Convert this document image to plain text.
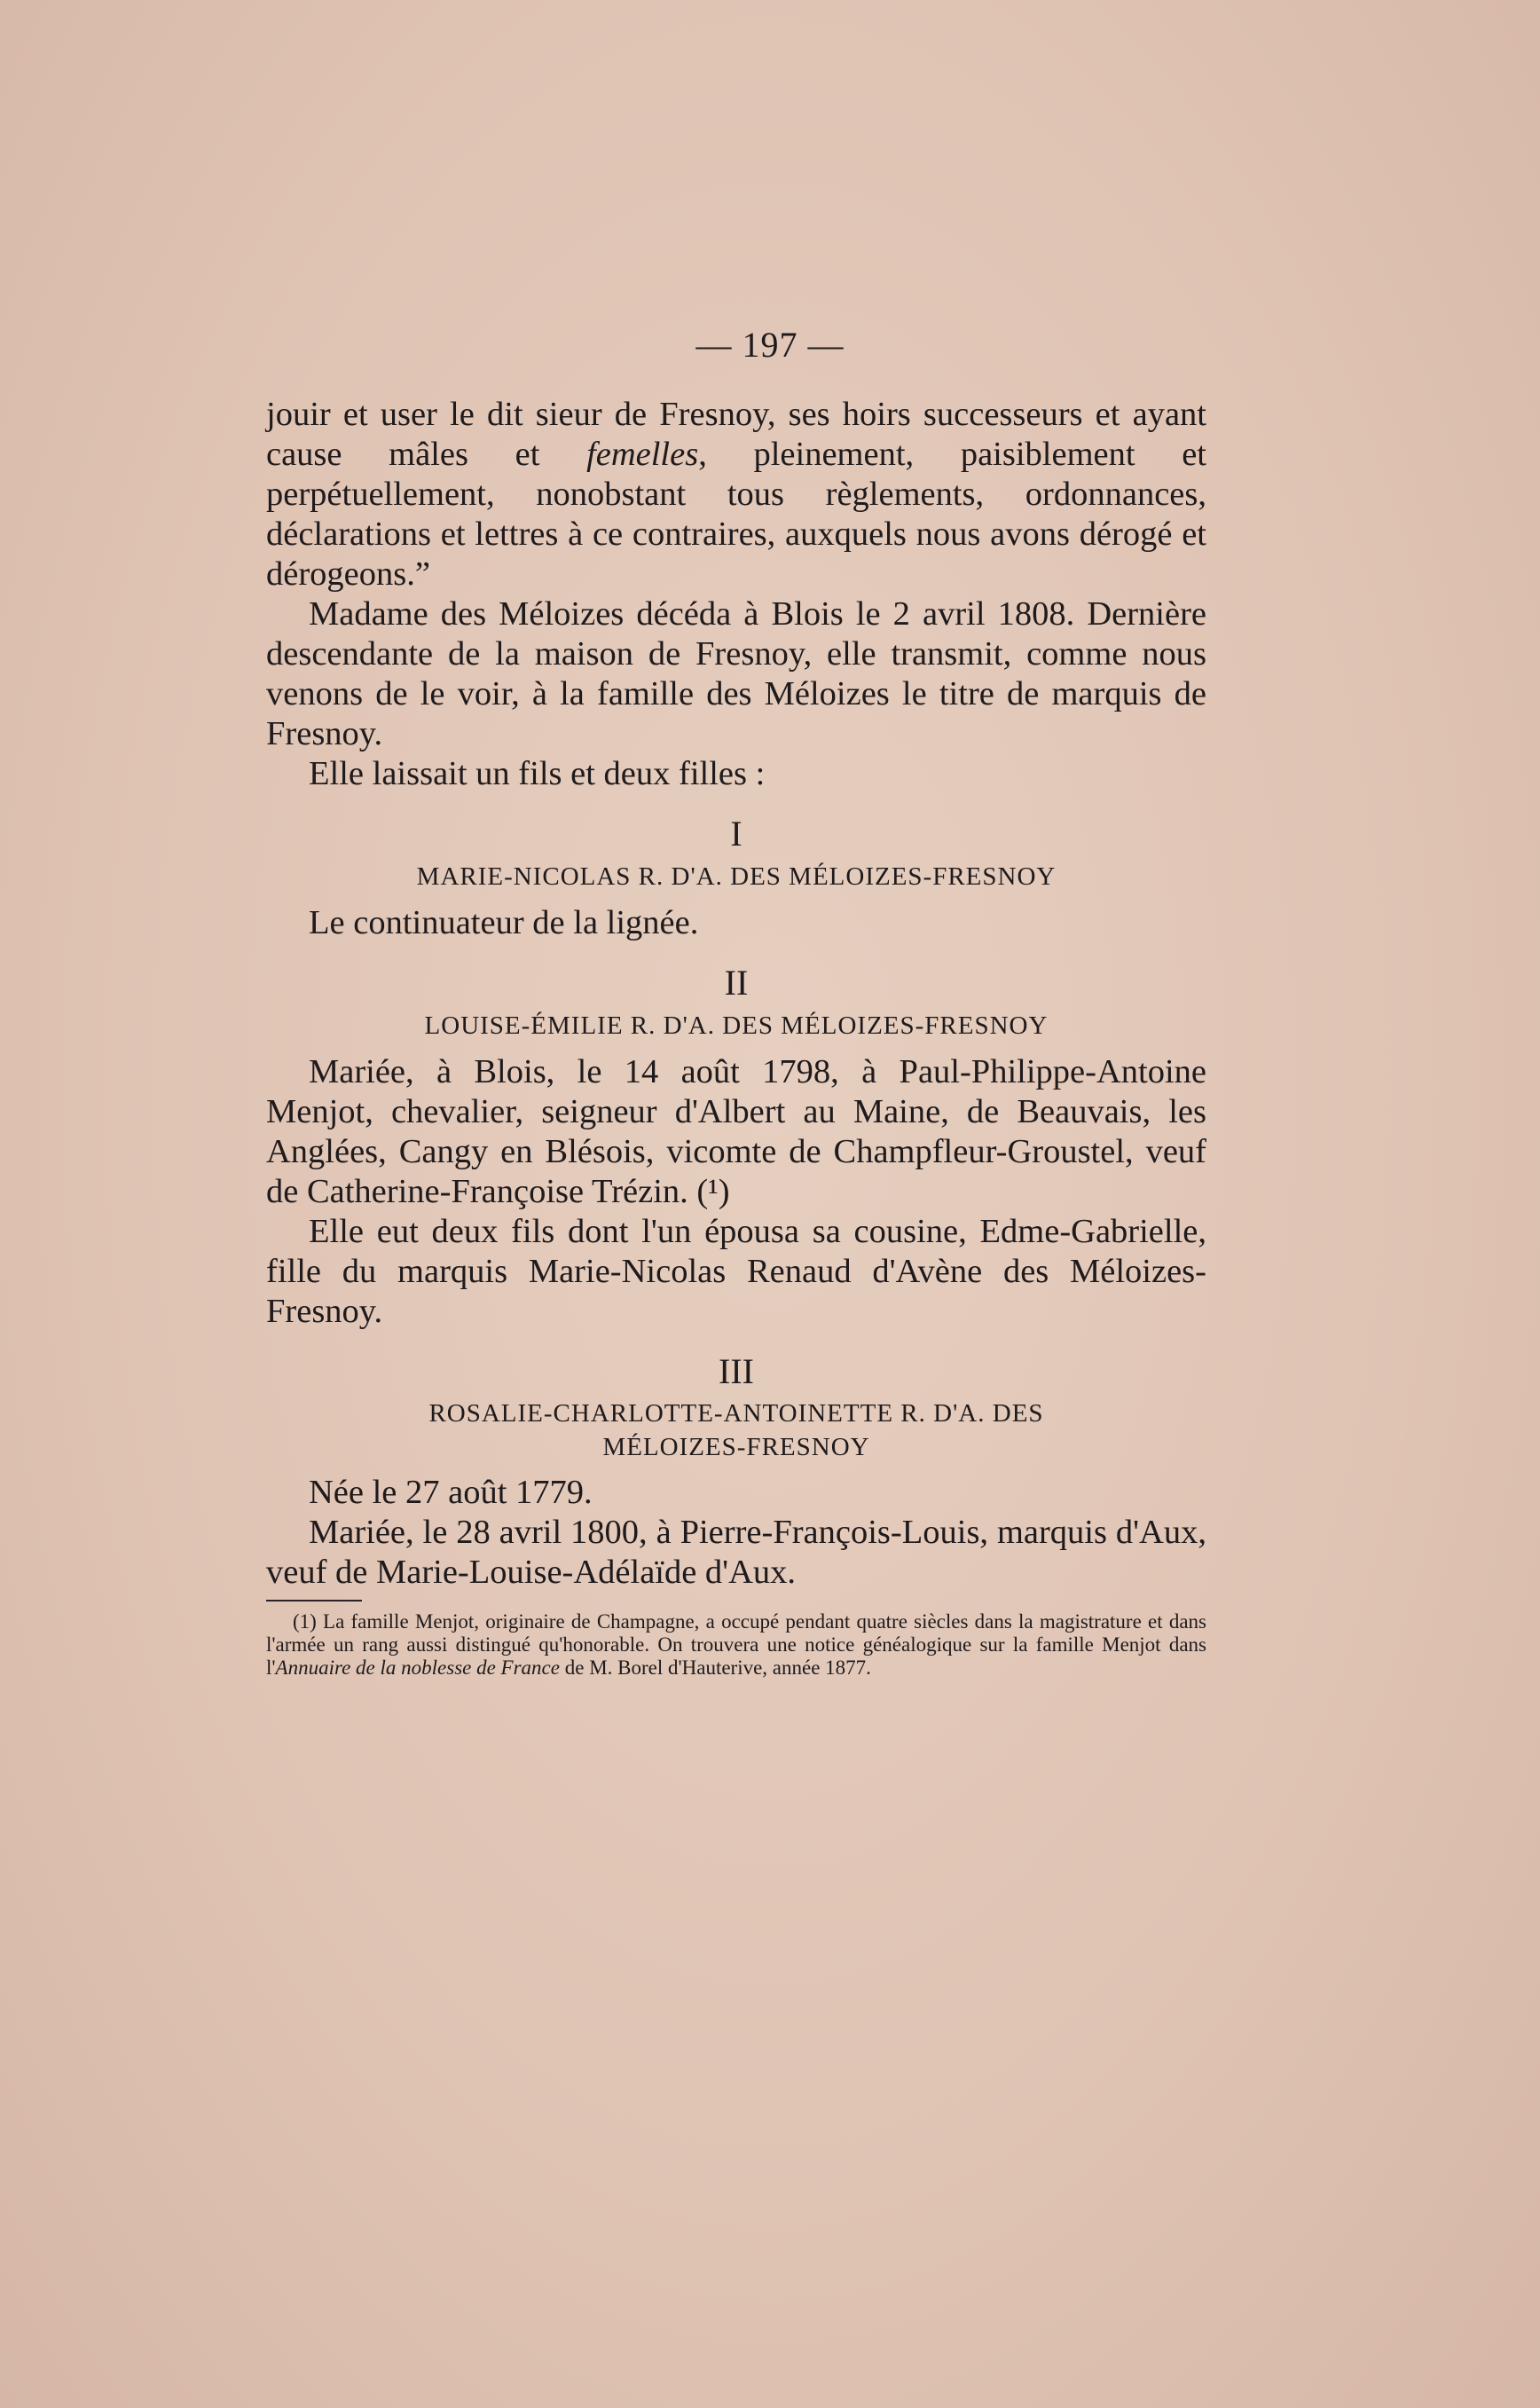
— 197 —

jouir et user le dit sieur de Fresnoy, ses hoirs successeurs et ayant cause mâles et femelles, pleinement, paisiblement et perpétuellement, nonobstant tous règlements, ordonnances, déclarations et lettres à ce contraires, auxquels nous avons dérogé et dérogeons.”

Madame des Méloizes décéda à Blois le 2 avril 1808. Dernière descendante de la maison de Fresnoy, elle transmit, comme nous venons de le voir, à la famille des Méloizes le titre de marquis de Fresnoy.

Elle laissait un fils et deux filles :

I

MARIE-NICOLAS R. D'A. DES MÉLOIZES-FRESNOY

Le continuateur de la lignée.

II

LOUISE-ÉMILIE R. D'A. DES MÉLOIZES-FRESNOY

Mariée, à Blois, le 14 août 1798, à Paul-Philippe-Antoine Menjot, chevalier, seigneur d'Albert au Maine, de Beauvais, les Anglées, Cangy en Blésois, vicomte de Champfleur-Groustel, veuf de Catherine-Françoise Trézin. (¹)

Elle eut deux fils dont l'un épousa sa cousine, Edme-Gabrielle, fille du marquis Marie-Nicolas Renaud d'Avène des Méloizes-Fresnoy.

III

ROSALIE-CHARLOTTE-ANTOINETTE R. D'A. DES
MÉLOIZES-FRESNOY

Née le 27 août 1779.

Mariée, le 28 avril 1800, à Pierre-François-Louis, marquis d'Aux, veuf de Marie-Louise-Adélaïde d'Aux.

(1) La famille Menjot, originaire de Champagne, a occupé pendant quatre siècles dans la magistrature et dans l'armée un rang aussi distingué qu'honorable. On trouvera une notice généalogique sur la famille Menjot dans l'Annuaire de la noblesse de France de M. Borel d'Hauterive, année 1877.
